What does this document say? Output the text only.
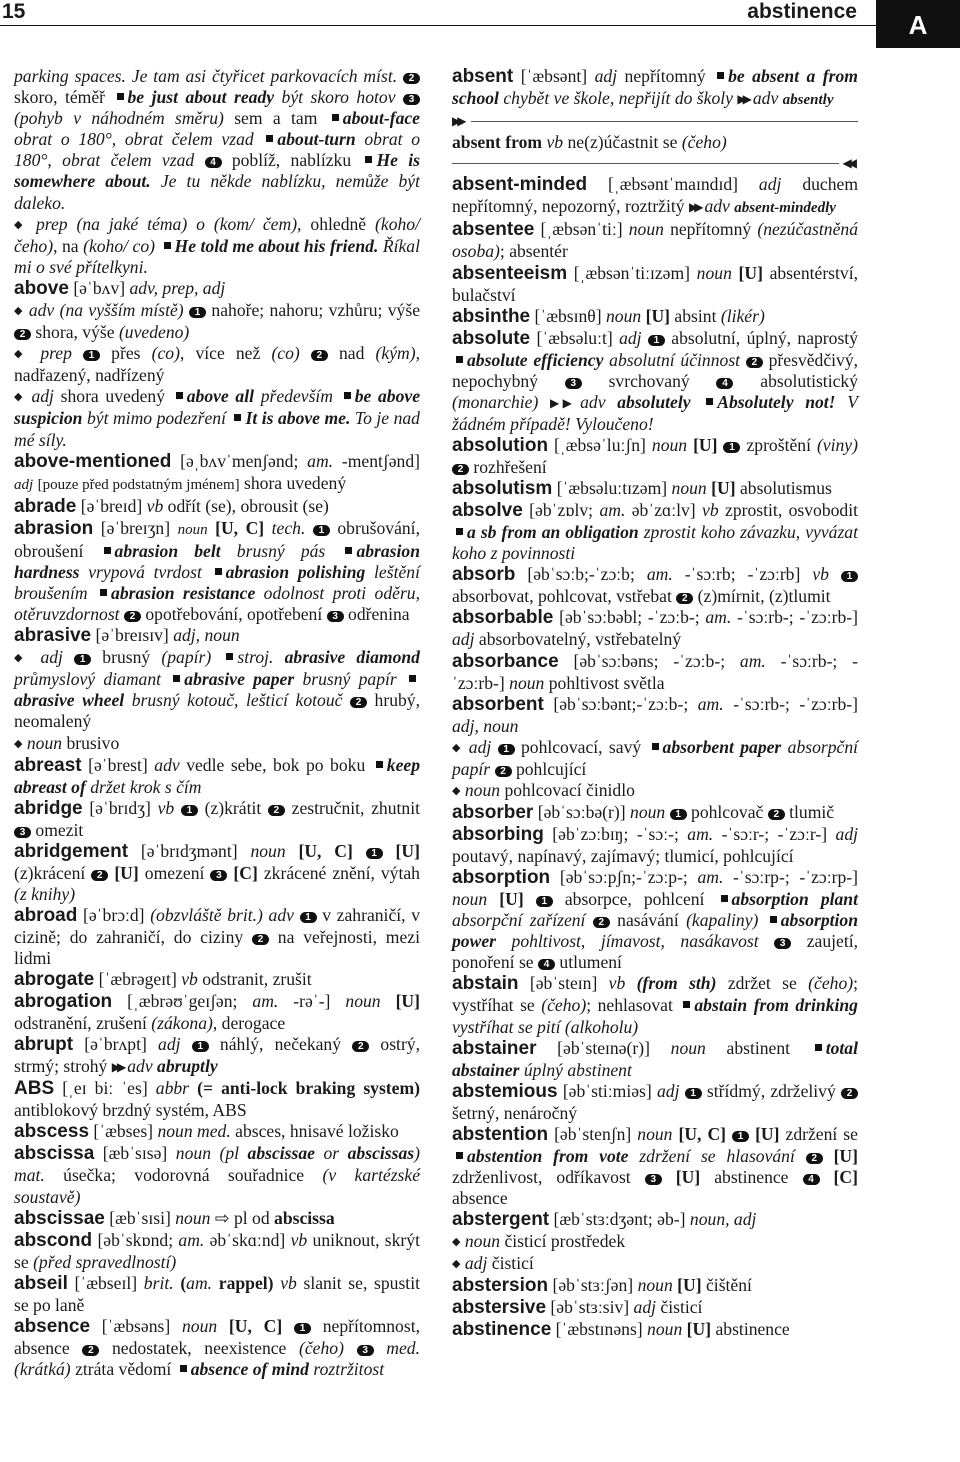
15	abstinence	A

parking spaces. Je tam asi čtyřicet parkovacích míst. 2 skoro, téměř be just about ready být skoro hotov 3 (pohyb v náhodném směru) sem a tam about-face obrat o 180°, obrat čelem vzad about-turn obrat o 180°, obrat čelem vzad 4 poblíž, nablízku He is somewhere about. Je tu někde nablízku, nemůže být daleko.

◆ prep (na jaké téma) o (kom/ čem), ohledně (koho/ čeho), na (koho/ co) He told me about his friend. Říkal mi o své přítelkyni.

above [əˈbʌv] adv, prep, adj

◆ adv (na vyšším místě) 1 nahoře; nahoru; vzhůru; výše 2 shora, výše (uvedeno)

◆ prep 1 přes (co), více než (co) 2 nad (kým), nadřazený, nadřízený

◆ adj shora uvedený above all především be above suspicion být mimo podezření It is above me. To je nad mé síly.

above-mentioned [əˌbʌvˈmenʃənd; am. -mentʃənd] adj [pouze před podstatným jménem] shora uvedený

abrade [əˈbreɪd] vb odřít (se), obrousit (se)

abrasion [əˈbreɪʒn] noun [U, C] tech. 1 obrušování, obroušení abrasion belt brusný pás abrasion hardness vrypová tvrdost abrasion polishing leštění broušením abrasion resistance odolnost proti oděru, otěruvzdornost 2 opotřebování, opotřebení 3 odřenina

abrasive [əˈbreɪsɪv] adj, noun

◆ adj 1 brusný (papír) stroj. abrasive diamond průmyslový diamant abrasive paper brusný papír abrasive wheel brusný kotouč, lešticí kotouč 2 hrubý, neomalený

◆ noun brusivo

abreast [əˈbrest] adv vedle sebe, bok po boku keep abreast of držet krok s čím

abridge [əˈbrɪdʒ] vb 1 (z)krátit 2 zestručnit, zhutnit 3 omezit

abridgement [əˈbrɪdʒmənt] noun [U, C] 1 [U] (z)krácení 2 [U] omezení 3 [C] zkrácené znění, výtah (z knihy)

abroad [əˈbrɔːd] (obzvláště brit.) adv 1 v zahraničí, v cizině; do zahraničí, do ciziny 2 na veřejnosti, mezi lidmi

abrogate [ˈæbrəgeɪt] vb odstranit, zrušit

abrogation [ˌæbrəʊˈgeɪʃən; am. -rəˈ-] noun [U] odstranění, zrušení (zákona), derogace

abrupt [əˈbrʌpt] adj 1 náhlý, nečekaný 2 ostrý, strmý; strohý ▶▶ adv abruptly

ABS [ˌeɪ biː ˈes] abbr (= anti-lock braking system) antiblokový brzdný systém, ABS

abscess [ˈæbses] noun med. absces, hnisavé ložisko

abscissa [æbˈsɪsə] noun (pl abscissae or abscissas) mat. úsečka; vodorovná souřadnice (v kartézské soustavě)

abscissae [æbˈsɪsi] noun ⇨ pl od abscissa

abscond [əbˈskɒnd; am. əbˈskɑːnd] vb uniknout, skrýt se (před spravedlností)

abseil [ˈæbseɪl] brit. (am. rappel) vb slanit se, spustit se po laně

absence [ˈæbsəns] noun [U, C] 1 nepřítomnost, absence 2 nedostatek, neexistence (čeho) 3 med. (krátká) ztráta vědomí absence of mind roztržitost

absent [ˈæbsənt] adj nepřítomný be absent a from school chybět ve škole, nepřijít do školy ▶▶ adv absently

▶▶

absent from vb ne(z)účastnit se (čeho)

◀◀

absent-minded [ˌæbsəntˈmaɪndɪd] adj duchem nepřítomný, nepozorný, roztržitý ▶▶ adv absent-mindedly

absentee [ˌæbsənˈtiː] noun nepřítomný (nezúčastněná osoba); absentér

absenteeism [ˌæbsənˈtiːɪzəm] noun [U] absentérství, bulačství

absinthe [ˈæbsɪnθ] noun [U] absint (likér)

absolute [ˈæbsəluːt] adj 1 absolutní, úplný, naprostý absolute efficiency absolutní účinnost 2 přesvědčivý, nepochybný 3 svrchovaný 4 absolutistický (monarchie) ▶▶ adv absolutely Absolutely not! V žádném případě! Vyloučeno!

absolution [ˌæbsəˈluːʃn] noun [U] 1 zproštění (viny) 2 rozhřešení

absolutism [ˈæbsəluːtɪzəm] noun [U] absolutismus

absolve [əbˈzɒlv; am. əbˈzɑːlv] vb zprostit, osvobodit a sb from an obligation zprostit koho závazku, vyvázat koho z povinnosti

absorb [əbˈsɔːb;-ˈzɔːb; am. -ˈsɔːrb; -ˈzɔːrb] vb 1 absorbovat, pohlcovat, vstřebat 2 (z)mírnit, (z)tlumit

absorbable [əbˈsɔːbəbl; -ˈzɔːb-; am. -ˈsɔːrb-; -ˈzɔːrb-] adj absorbovatelný, vstřebatelný

absorbance [əbˈsɔːbəns; -ˈzɔːb-; am. -ˈsɔːrb-; -ˈzɔːrb-] noun pohltivost světla

absorbent [əbˈsɔːbənt;-ˈzɔːb-; am. -ˈsɔːrb-; -ˈzɔːrb-] adj, noun

◆ adj 1 pohlcovací, savý absorbent paper absorpční papír 2 pohlcující

◆ noun pohlcovací činidlo

absorber [əbˈsɔːbə(r)] noun 1 pohlcovač 2 tlumič

absorbing [əbˈzɔːbɪŋ; -ˈsɔː-; am. -ˈsɔːr-; -ˈzɔːr-] adj poutavý, napínavý, zajímavý; tlumicí, pohlcující

absorption [əbˈsɔːpʃn;-ˈzɔːp-; am. -ˈsɔːrp-; -ˈzɔːrp-] noun [U] 1 absorpce, pohlcení absorption plant absorpční zařízení 2 nasávání (kapaliny) absorption power pohltivost, jímavost, nasákavost 3 zaujetí, ponoření se 4 utlumení

abstain [əbˈsteɪn] vb (from sth) zdržet se (čeho); vystříhat se (čeho); nehlasovat abstain from drinking vystříhat se pití (alkoholu)

abstainer [əbˈsteɪnə(r)] noun abstinent total abstainer úplný abstinent

abstemious [əbˈstiːmiəs] adj 1 střídmý, zdrželivý 2 šetrný, nenáročný

abstention [əbˈstenʃn] noun [U, C] 1 [U] zdržení se abstention from vote zdržení se hlasování 2 [U] zdrženlivost, odříkavost 3 [U] abstinence 4 [C] absence

abstergent [æbˈstɜːdʒənt; əb-] noun, adj

◆ noun čisticí prostředek

◆ adj čisticí

abstersion [əbˈstɜːʃən] noun [U] čištění

abstersive [əbˈstɜːsiv] adj čisticí

abstinence [ˈæbstɪnəns] noun [U] abstinence
